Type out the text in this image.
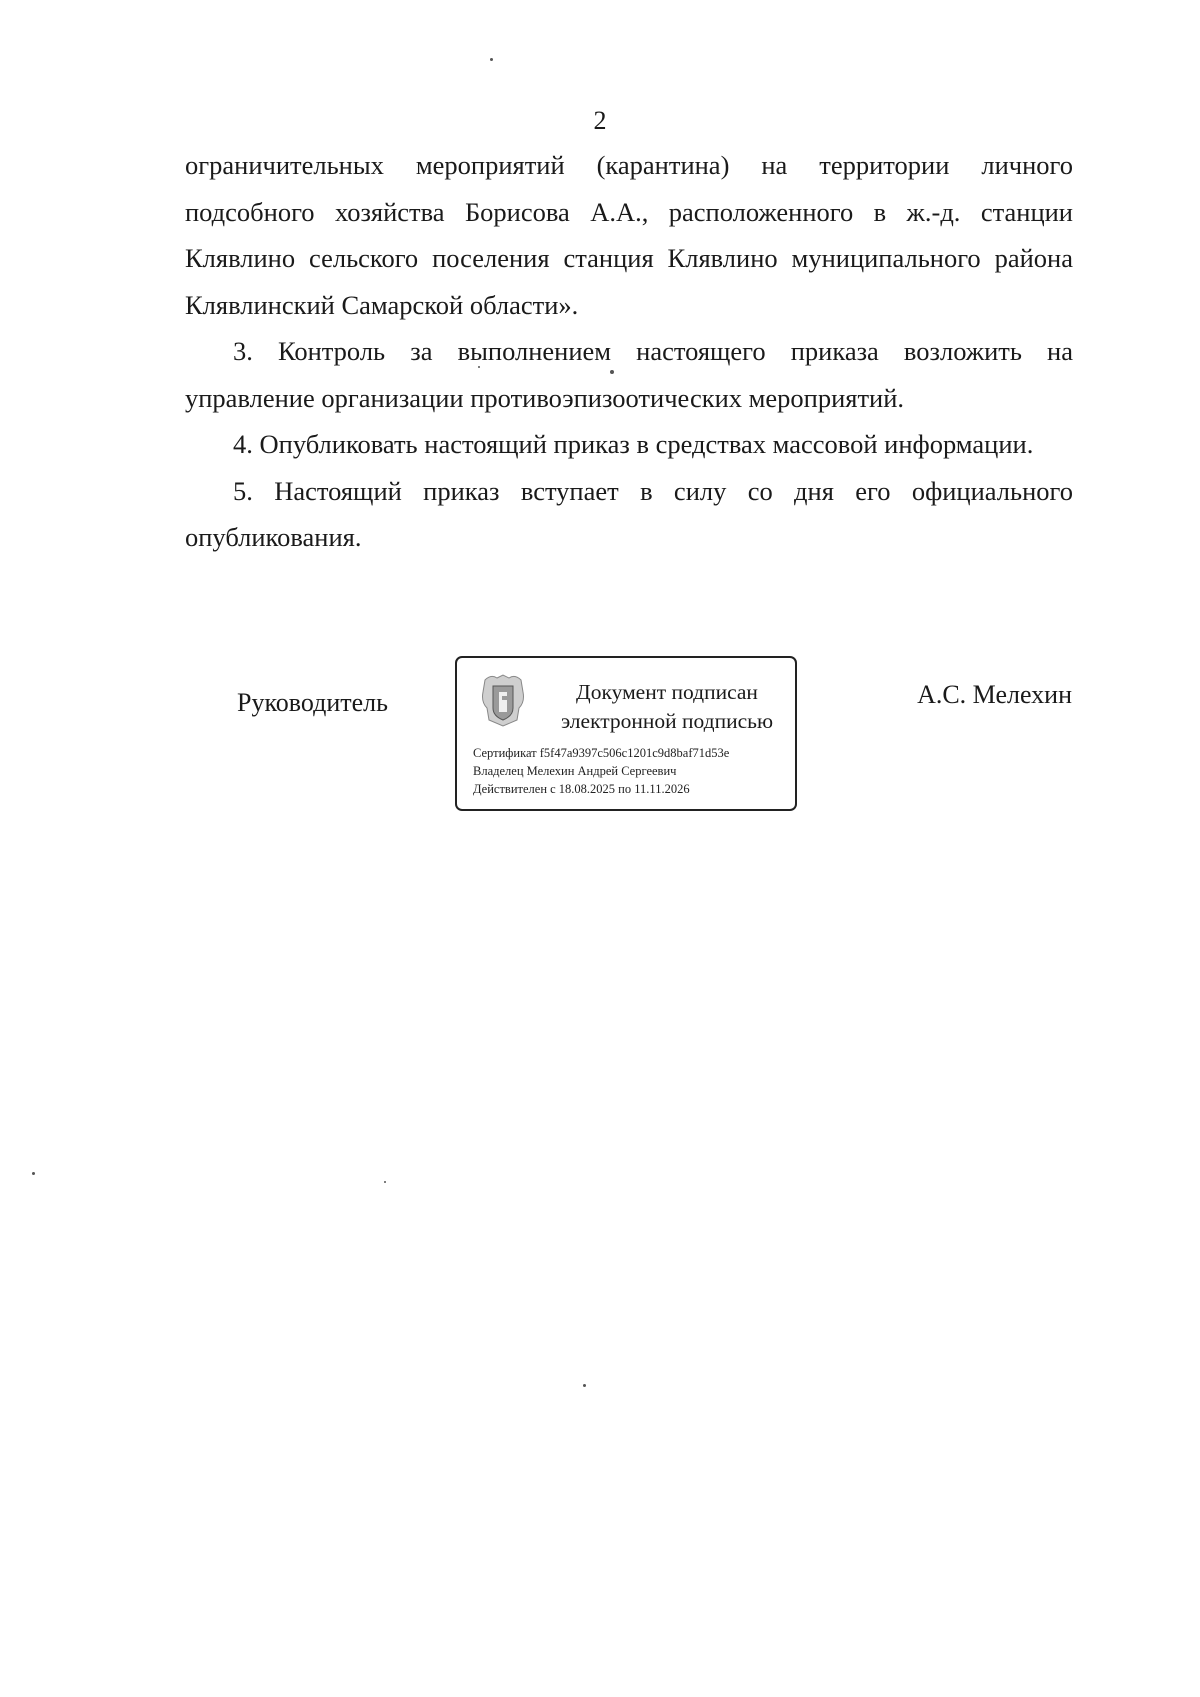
2

ограничительных мероприятий (карантина) на территории личного подсобного хозяйства Борисова А.А., расположенного в ж.-д. станции Клявлино сельского поселения станция Клявлино муниципального района Клявлинский Самарской области».

3. Контроль за выполнением настоящего приказа возложить на управление организации противоэпизоотических мероприятий.

4. Опубликовать настоящий приказ в средствах массовой информации.

5. Настоящий приказ вступает в силу со дня его официального опубликования.

Руководитель	Документ подписан
электронной подписью
Сертификат f5f47a9397c506c1201c9d8baf71d53e
Владелец Мелехин Андрей Сергеевич
Действителен с 18.08.2025 по 11.11.2026
А.С. Мелехин
